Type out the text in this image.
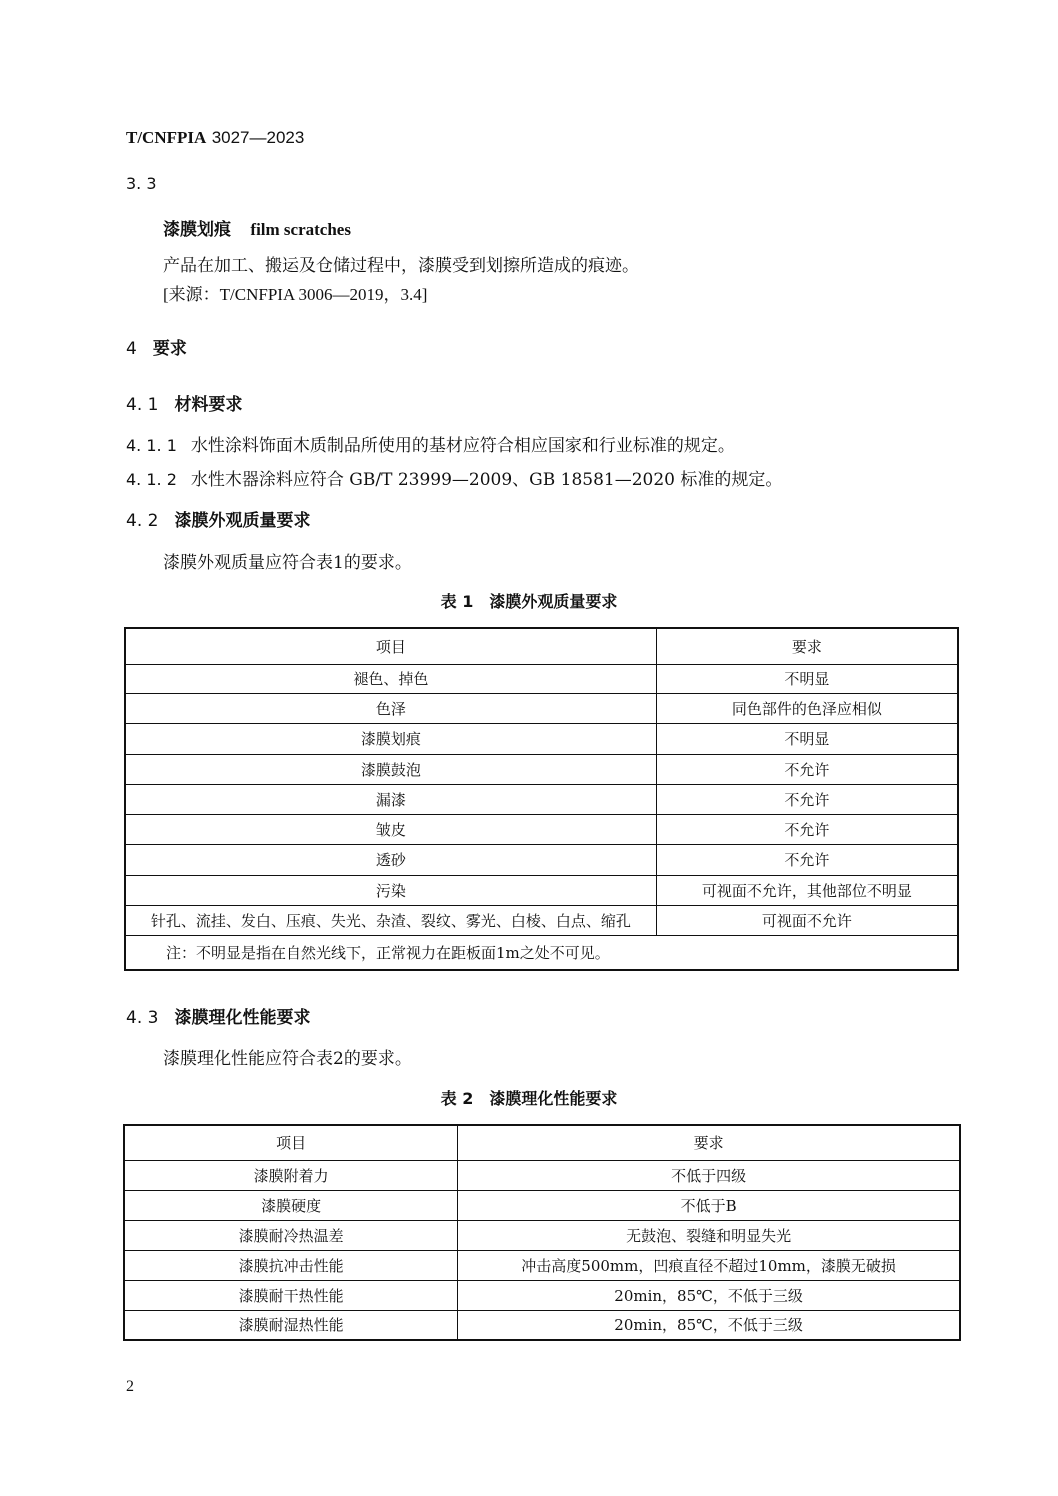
T/CNFPIA 3027—2023
3. 3
漆膜划痕 film scratches
产品在加工、搬运及仓储过程中，漆膜受到划擦所造成的痕迹。
[来源：T/CNFPIA 3006—2019，3.4]
4 要求
4. 1 材料要求
4. 1. 1 水性涂料饰面木质制品所使用的基材应符合相应国家和行业标准的规定。
4. 1. 2 水性木器涂料应符合 GB/T 23999—2009、GB 18581—2020 标准的规定。
4. 2 漆膜外观质量要求
漆膜外观质量应符合表1的要求。
表 1　漆膜外观质量要求
项目	要求
褪色、掉色	不明显
色泽	同色部件的色泽应相似
漆膜划痕	不明显
漆膜鼓泡	不允许
漏漆	不允许
皱皮	不允许
透砂	不允许
污染	可视面不允许，其他部位不明显
针孔、流挂、发白、压痕、失光、杂渣、裂纹、雾光、白棱、白点、缩孔	可视面不允许
注：不明显是指在自然光线下，正常视力在距板面1m之处不可见。	
4. 3 漆膜理化性能要求
漆膜理化性能应符合表2的要求。
表 2　漆膜理化性能要求
项目	要求
漆膜附着力	不低于四级
漆膜硬度	不低于B
漆膜耐冷热温差	无鼓泡、裂缝和明显失光
漆膜抗冲击性能	冲击高度500mm，凹痕直径不超过10mm，漆膜无破损
漆膜耐干热性能	20min，85℃，不低于三级
漆膜耐湿热性能	20min，85℃，不低于三级
2
